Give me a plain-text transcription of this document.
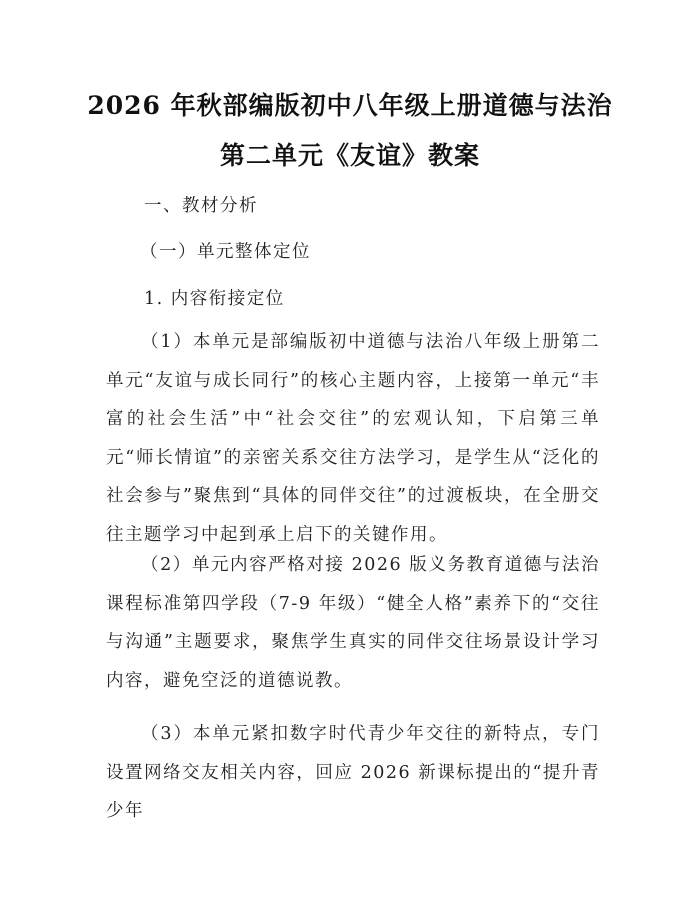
2026 年秋部编版初中八年级上册道德与法治
第二单元《友谊》教案
一、教材分析
（一）单元整体定位
1. 内容衔接定位

（1）本单元是部编版初中道德与法治八年级上册第二单元“友谊与成长同行”的核心主题内容，上接第一单元“丰富的社会生活”中“社会交往”的宏观认知，下启第三单元“师长情谊”的亲密关系交往方法学习，是学生从“泛化的社会参与”聚焦到“具体的同伴交往”的过渡板块，在全册交往主题学习中起到承上启下的关键作用。

（2）单元内容严格对接 2026 版义务教育道德与法治课程标准第四学段（7-9 年级）“健全人格”素养下的“交往与沟通”主题要求，聚焦学生真实的同伴交往场景设计学习内容，避免空泛的道德说教。

（3）本单元紧扣数字时代青少年交往的新特点，专门设置网络交友相关内容，回应 2026 新课标提出的“提升青少年
